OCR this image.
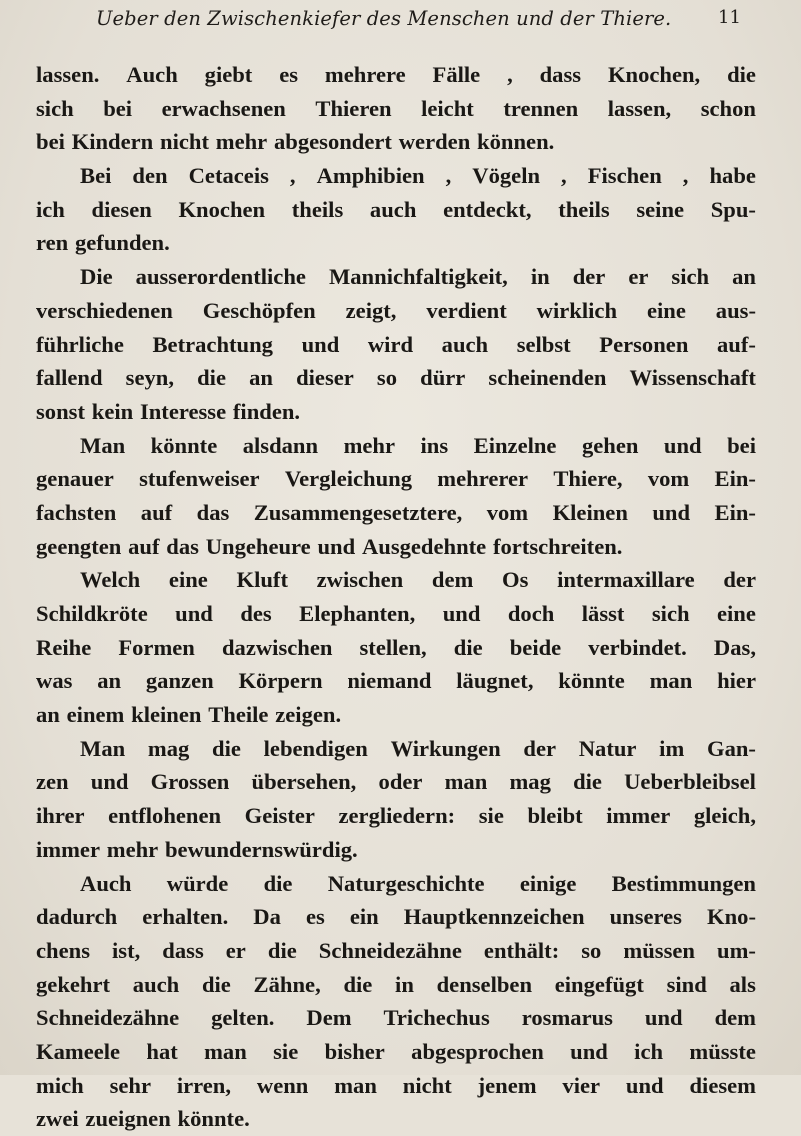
Ueber den Zwischenkiefer des Menschen und der Thiere.	11
lassen. Auch giebt es mehrere Fälle , dass Knochen, die
sich bei erwachsenen Thieren leicht trennen lassen, schon
bei Kindern nicht mehr abgesondert werden können.
Bei den Cetaceis , Amphibien , Vögeln , Fischen , habe
ich diesen Knochen theils auch entdeckt, theils seine Spu-
ren gefunden.
Die ausserordentliche Mannichfaltigkeit, in der er sich an
verschiedenen Geschöpfen zeigt, verdient wirklich eine aus-
führliche Betrachtung und wird auch selbst Personen auf-
fallend seyn, die an dieser so dürr scheinenden Wissenschaft
sonst kein Interesse finden.
Man könnte alsdann mehr ins Einzelne gehen und bei
genauer stufenweiser Vergleichung mehrerer Thiere, vom Ein-
fachsten auf das Zusammengesetztere, vom Kleinen und Ein-
geengten auf das Ungeheure und Ausgedehnte fortschreiten.
Welch eine Kluft zwischen dem Os intermaxillare der
Schildkröte und des Elephanten, und doch lässt sich eine
Reihe Formen dazwischen stellen, die beide verbindet. Das,
was an ganzen Körpern niemand läugnet, könnte man hier
an einem kleinen Theile zeigen.
Man mag die lebendigen Wirkungen der Natur im Gan-
zen und Grossen übersehen, oder man mag die Ueberbleibsel
ihrer entflohenen Geister zergliedern: sie bleibt immer gleich,
immer mehr bewundernswürdig.
Auch würde die Naturgeschichte einige Bestimmungen
dadurch erhalten. Da es ein Hauptkennzeichen unseres Kno-
chens ist, dass er die Schneidezähne enthält: so müssen um-
gekehrt auch die Zähne, die in denselben eingefügt sind als
Schneidezähne gelten. Dem Trichechus rosmarus und dem
Kameele hat man sie bisher abgesprochen und ich müsste
mich sehr irren, wenn man nicht jenem vier und diesem
zwei zueignen könnte.
